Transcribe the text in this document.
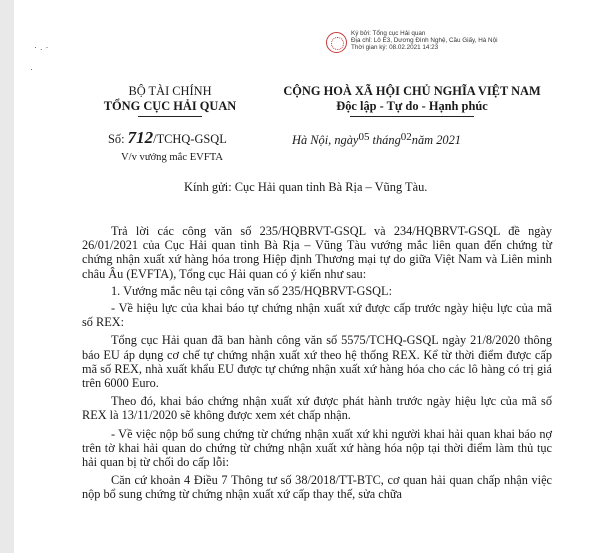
Ký bởi: Tổng cục Hải quan
Địa chỉ: Lô E3, Dương Đình Nghệ, Cầu Giấy, Hà Nội
Thời gian ký: 08.02.2021 14:23
·.·
·
BỘ TÀI CHÍNH
TỔNG CỤC HẢI QUAN
CỘNG HOÀ XÃ HỘI CHỦ NGHĨA VIỆT NAM
Độc lập - Tự do - Hạnh phúc
Số: 712/TCHQ-GSQL
V/v vướng mắc EVFTA
Hà Nội, ngày05 tháng02năm 2021
Kính gửi: Cục Hải quan tỉnh Bà Rịa – Vũng Tàu.

Trả lời các công văn số 235/HQBRVT-GSQL và 234/HQBRVT-GSQL đề ngày 26/01/2021 của Cục Hải quan tỉnh Bà Rịa – Vũng Tàu vướng mắc liên quan đến chứng từ chứng nhận xuất xứ hàng hóa trong Hiệp định Thương mại tự do giữa Việt Nam và Liên minh châu Âu (EVFTA), Tổng cục Hải quan có ý kiến như sau:

1. Vướng mắc nêu tại công văn số 235/HQBRVT-GSQL:

- Về hiệu lực của khai báo tự chứng nhận xuất xứ được cấp trước ngày hiệu lực của mã số REX:

Tổng cục Hải quan đã ban hành công văn số 5575/TCHQ-GSQL ngày 21/8/2020 thông báo EU áp dụng cơ chế tự chứng nhận xuất xứ theo hệ thống REX. Kể từ thời điểm được cấp mã số REX, nhà xuất khẩu EU được tự chứng nhận xuất xứ hàng hóa cho các lô hàng có trị giá trên 6000 Euro.

Theo đó, khai báo chứng nhận xuất xứ được phát hành trước ngày hiệu lực của mã số REX là 13/11/2020 sẽ không được xem xét chấp nhận.

- Về việc nộp bổ sung chứng từ chứng nhận xuất xứ khi người khai hải quan khai báo nợ trên tờ khai hải quan do chứng từ chứng nhận xuất xứ hàng hóa nộp tại thời điểm làm thủ tục hải quan bị từ chối do cấp lỗi:

Căn cứ khoản 4 Điều 7 Thông tư số 38/2018/TT-BTC, cơ quan hải quan chấp nhận việc nộp bổ sung chứng từ chứng nhận xuất xứ cấp thay thế, sửa chữa
